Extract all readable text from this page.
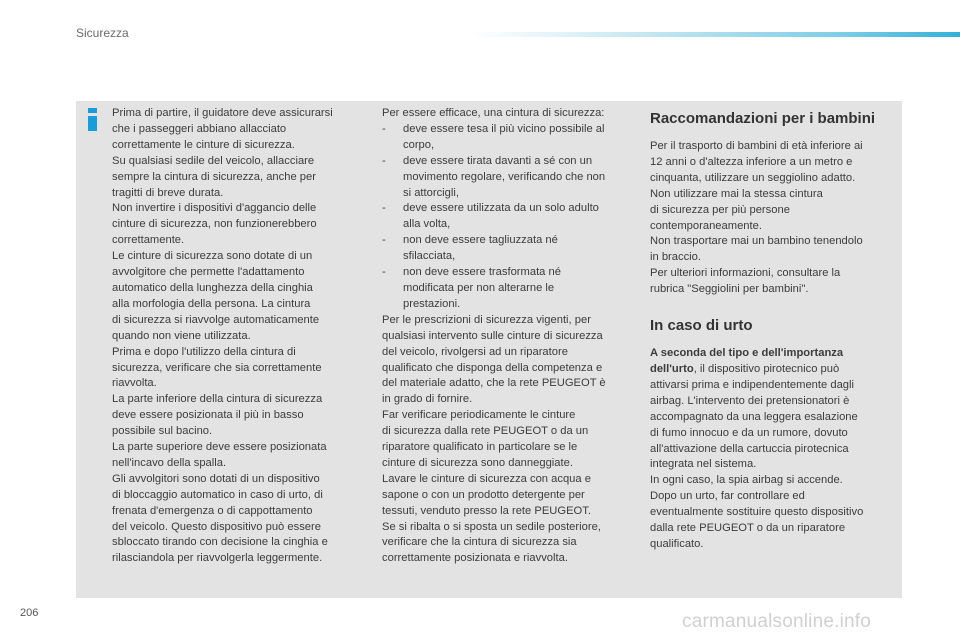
Sicurezza

Prima di partire, il guidatore deve assicurarsi

che i passeggeri abbiano allacciato

correttamente le cinture di sicurezza.

Su qualsiasi sedile del veicolo, allacciare

sempre la cintura di sicurezza, anche per

tragitti di breve durata.

Non invertire i dispositivi d'aggancio delle

cinture di sicurezza, non funzionerebbero

correttamente.

Le cinture di sicurezza sono dotate di un

avvolgitore che permette l'adattamento

automatico della lunghezza della cinghia

alla morfologia della persona. La cintura

di sicurezza si riavvolge automaticamente

quando non viene utilizzata.

Prima e dopo l'utilizzo della cintura di

sicurezza, verificare che sia correttamente

riavvolta.

La parte inferiore della cintura di sicurezza

deve essere posizionata il più in basso

possibile sul bacino.

La parte superiore deve essere posizionata

nell'incavo della spalla.

Gli avvolgitori sono dotati di un dispositivo

di bloccaggio automatico in caso di urto, di

frenata d'emergenza o di cappottamento

del veicolo. Questo dispositivo può essere

sbloccato tirando con decisione la cinghia e

rilasciandola per riavvolgerla leggermente.

Per essere efficace, una cintura di sicurezza:

- deve essere tesa il più vicino possibile al

corpo,

- deve essere tirata davanti a sé con un

movimento regolare, verificando che non

si attorcigli,

- deve essere utilizzata da un solo adulto

alla volta,

- non deve essere tagliuzzata né

sfilacciata,

- non deve essere trasformata né

modificata per non alterarne le

prestazioni.

Per le prescrizioni di sicurezza vigenti, per

qualsiasi intervento sulle cinture di sicurezza

del veicolo, rivolgersi ad un riparatore

qualificato che disponga della competenza e

del materiale adatto, che la rete PEUGEOT è

in grado di fornire.

Far verificare periodicamente le cinture

di sicurezza dalla rete PEUGEOT o da un

riparatore qualificato in particolare se le

cinture di sicurezza sono danneggiate.

Lavare le cinture di sicurezza con acqua e

sapone o con un prodotto detergente per

tessuti, venduto presso la rete PEUGEOT.

Se si ribalta o si sposta un sedile posteriore,

verificare che la cintura di sicurezza sia

correttamente posizionata e riavvolta.

Raccomandazioni per i bambini

Per il trasporto di bambini di età inferiore ai

12 anni o d'altezza inferiore a un metro e

cinquanta, utilizzare un seggiolino adatto.

Non utilizzare mai la stessa cintura

di sicurezza per più persone

contemporaneamente.

Non trasportare mai un bambino tenendolo

in braccio.

Per ulteriori informazioni, consultare la

rubrica "Seggiolini per bambini".

In caso di urto

A seconda del tipo e dell'importanza

dell'urto, il dispositivo pirotecnico può

attivarsi prima e indipendentemente dagli

airbag. L'intervento dei pretensionatori è

accompagnato da una leggera esalazione

di fumo innocuo e da un rumore, dovuto

all'attivazione della cartuccia pirotecnica

integrata nel sistema.

In ogni caso, la spia airbag si accende.

Dopo un urto, far controllare ed

eventualmente sostituire questo dispositivo

dalla rete PEUGEOT o da un riparatore

qualificato.

206	carmanualsonline.info
